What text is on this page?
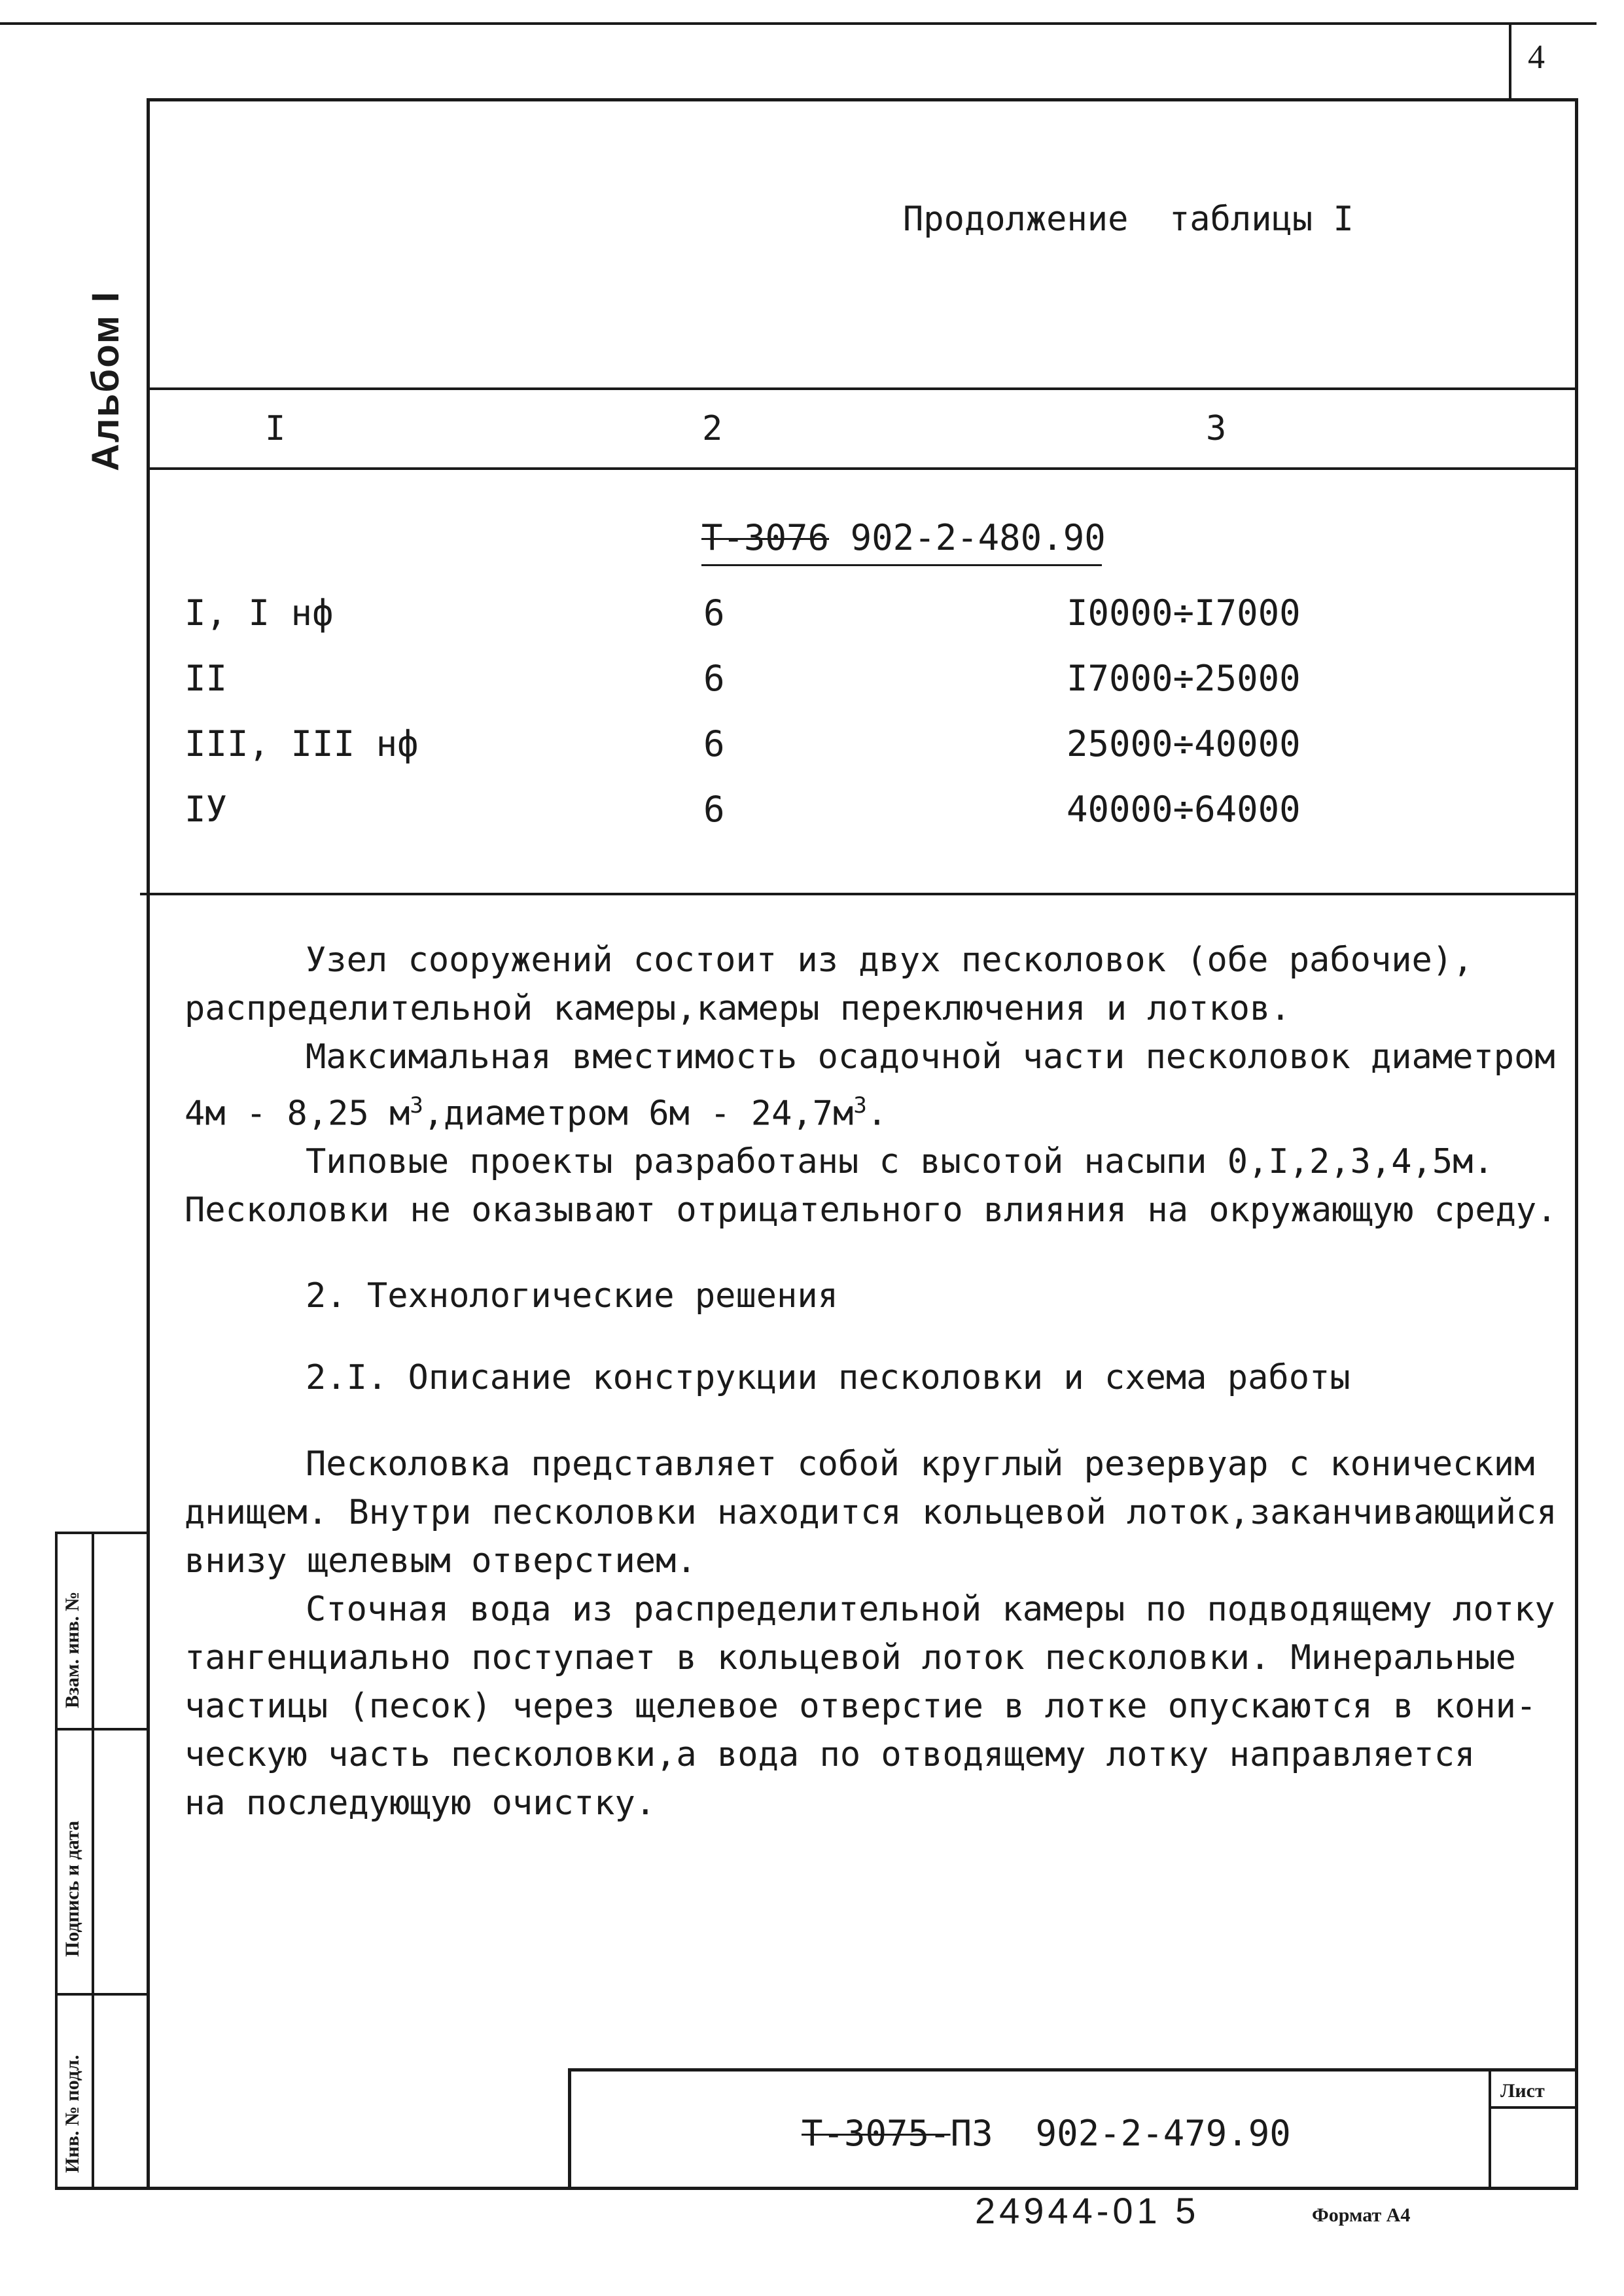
4
Альбом I
Продолжение  таблицы I
I	2	3
Т-3076 902-2-480.90
I, I нф	6	I0000÷I7000
II	6	I7000÷25000
III, III нф	6	25000÷40000
IУ	6	40000÷64000

Узел сооружений состоит из двух песколовок (обе рабочие),

распределительной камеры,камеры переключения и лотков.

Максимальная вместимость осадочной части песколовок диаметром

4м - 8,25 $м^3,диаметром$ $6м - 24,7м^3$.

Типовые проекты разработаны с высотой насыпи 0,I,2,3,4,5м.

Песколовки не оказывают отрицательного влияния на окружающую среду.

2. Технологические решения
2.I. Описание конструкции песколовки и схема работы

Песколовка представляет собой круглый резервуар с коническим

днищем. Внутри песколовки находится кольцевой лоток,заканчивающийся

внизу щелевым отверстием.

Сточная вода из распределительной камеры по подводящему лотку

тангенциально поступает в кольцевой лоток песколовки. Минеральные

частицы (песок) через щелевое отверстие в лотке опускаются в кони-

ческую часть песколовки,а вода по отводящему лотку направляется

на последующую очистку.

Взам. инв. №
Подпись и дата
Инв. № подл.	Т-3075-ПЗ 902-2-479.90
Лист
24944-01 5	Формат А4
